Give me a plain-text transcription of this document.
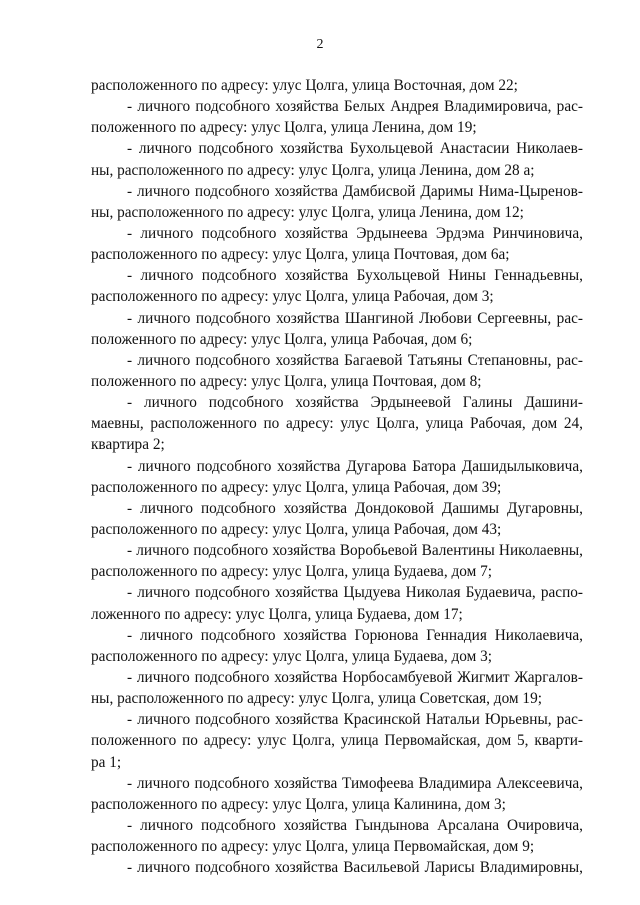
2
расположенного по адресу: улус Цолга, улица Восточная, дом 22;
- личного подсобного хозяйства Белых Андрея Владимировича, рас-
положенного по адресу: улус Цолга, улица Ленина, дом 19;
- личного подсобного хозяйства Бухольцевой Анастасии Николаев-
ны, расположенного по адресу: улус Цолга, улица Ленина, дом 28 а;
- личного подсобного хозяйства Дамбисвой Даримы Нима-Цыренов-
ны, расположенного по адресу: улус Цолга, улица Ленина, дом 12;
- личного подсобного хозяйства Эрдынеева Эрдэма Ринчиновича,
расположенного по адресу: улус Цолга, улица Почтовая, дом 6а;
- личного подсобного хозяйства Бухольцевой Нины Геннадьевны,
расположенного по адресу: улус Цолга, улица Рабочая, дом 3;
- личного подсобного хозяйства Шангиной Любови Сергеевны, рас-
положенного по адресу: улус Цолга, улица Рабочая, дом 6;
- личного подсобного хозяйства Багаевой Татьяны Степановны, рас-
положенного по адресу: улус Цолга, улица Почтовая, дом 8;
- личного подсобного хозяйства Эрдынеевой Галины Дашини-
маевны, расположенного по адресу: улус Цолга, улица Рабочая, дом 24,
квартира 2;
- личного подсобного хозяйства Дугарова Батора Дашидылыковича,
расположенного по адресу: улус Цолга, улица Рабочая, дом 39;
- личного подсобного хозяйства Дондоковой Дашимы Дугаровны,
расположенного по адресу: улус Цолга, улица Рабочая, дом 43;
- личного подсобного хозяйства Воробьевой Валентины Николаевны,
расположенного по адресу: улус Цолга, улица Будаева, дом 7;
- личного подсобного хозяйства Цыдуева Николая Будаевича, распо-
ложенного по адресу: улус Цолга, улица Будаева, дом 17;
- личного подсобного хозяйства Горюнова Геннадия Николаевича,
расположенного по адресу: улус Цолга, улица Будаева, дом 3;
- личного подсобного хозяйства Норбосамбуевой Жигмит Жаргалов-
ны, расположенного по адресу: улус Цолга, улица Советская, дом 19;
- личного подсобного хозяйства Красинской Натальи Юрьевны, рас-
положенного по адресу: улус Цолга, улица Первомайская, дом 5, кварти-
ра 1;
- личного подсобного хозяйства Тимофеева Владимира Алексеевича,
расположенного по адресу: улус Цолга, улица Калинина, дом 3;
- личного подсобного хозяйства Гындынова Арсалана Очировича,
расположенного по адресу: улус Цолга, улица Первомайская, дом 9;
- личного подсобного хозяйства Васильевой Ларисы Владимировны,
